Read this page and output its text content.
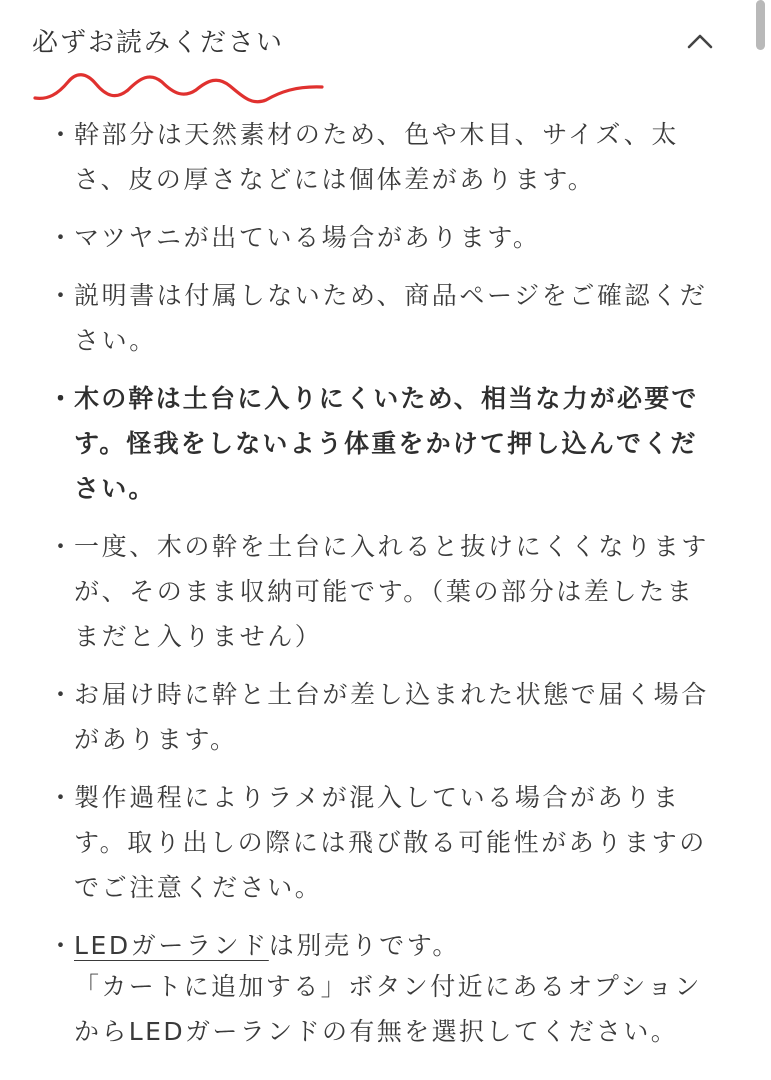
必ずお読みください
・
幹部分は天然素材のため、色や木目、サイズ、太さ、皮の厚さなどには個体差があります。
・
マツヤニが出ている場合があります。
・
説明書は付属しないため、商品ページをご確認ください。
・
木の幹は土台に入りにくいため、相当な力が必要です。怪我をしないよう体重をかけて押し込んでください。
・
一度、木の幹を土台に入れると抜けにくくなりますが、そのまま収納可能です。（葉の部分は差したままだと入りません）
・
お届け時に幹と土台が差し込まれた状態で届く場合があります。
・
製作過程によりラメが混入している場合があります。取り出しの際には飛び散る可能性がありますのでご注意ください。
・
LEDガーランドは別売りです。
「カートに追加する」ボタン付近にあるオプションからLEDガーランドの有無を選択してください。
